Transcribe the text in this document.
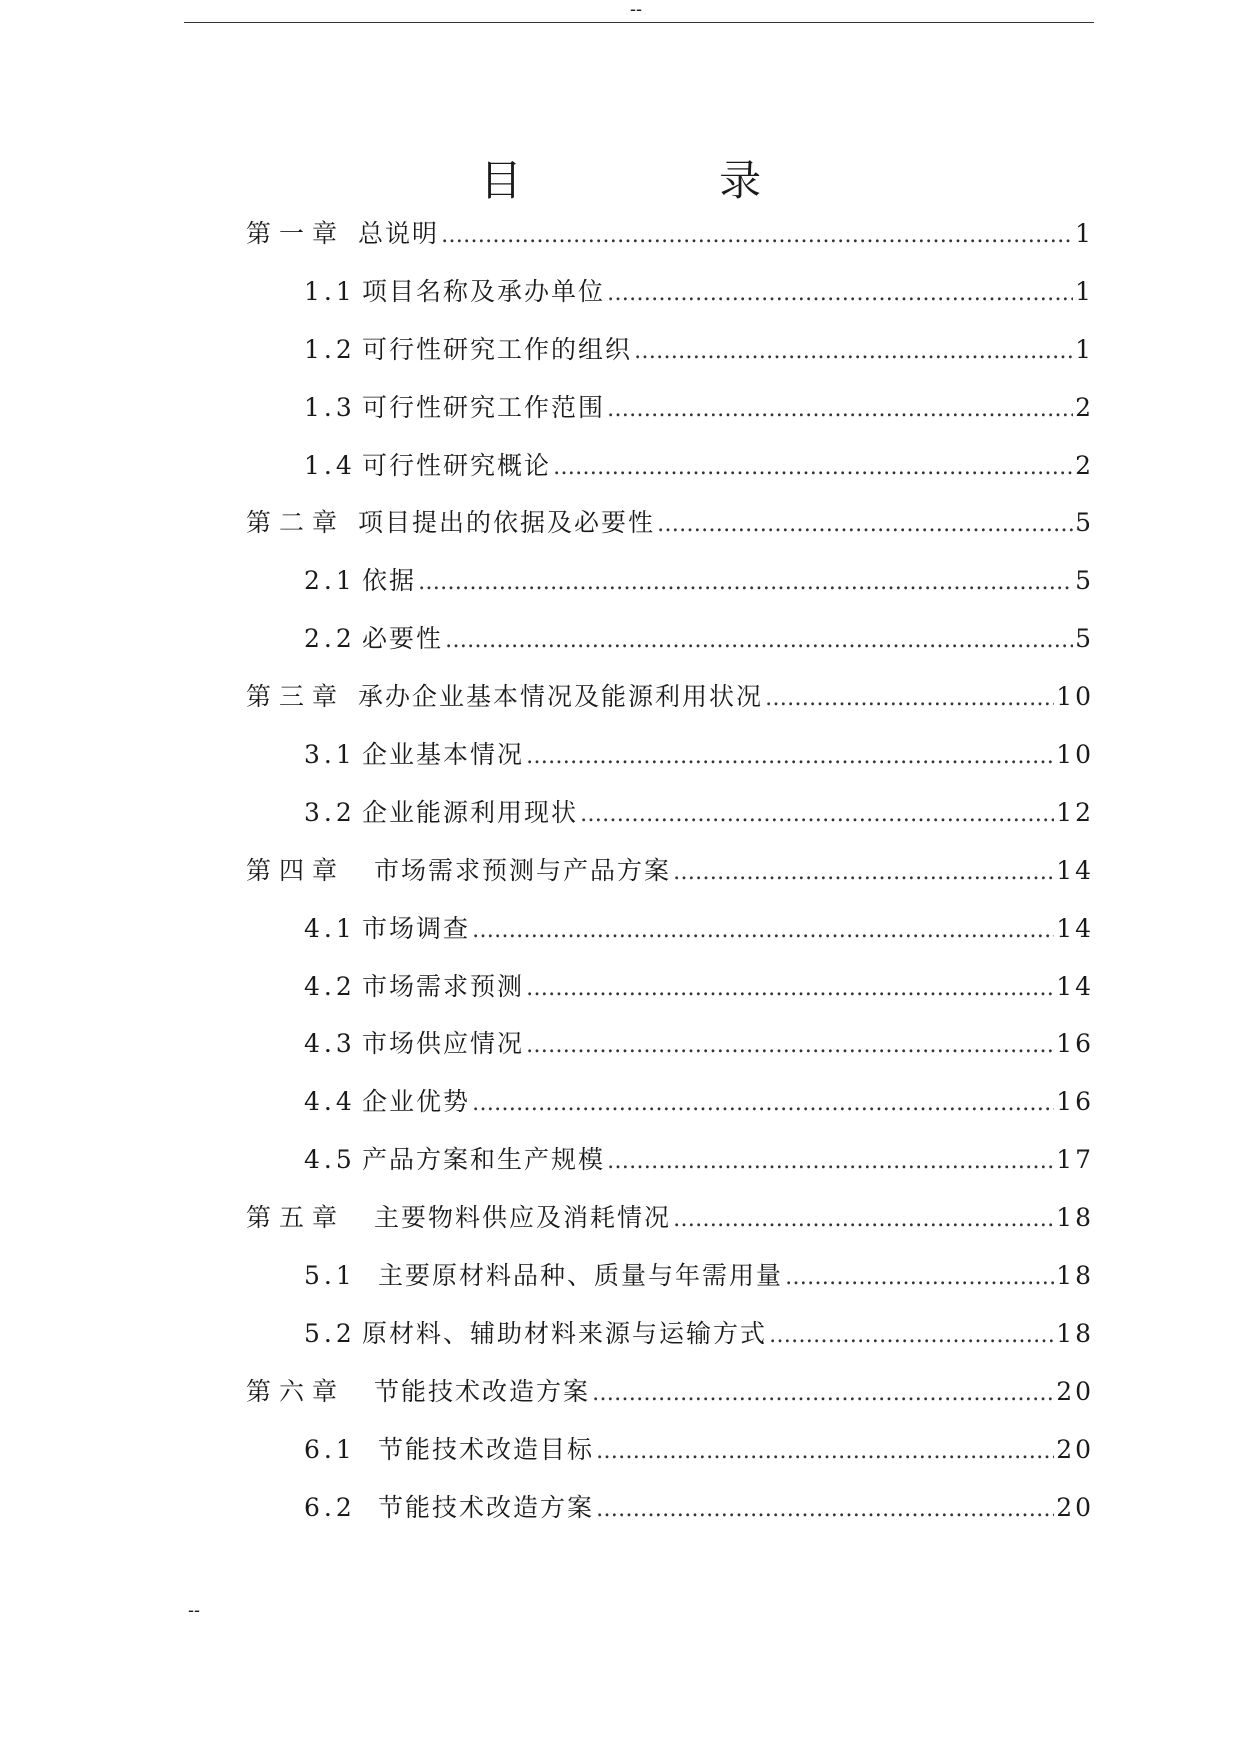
--
目 录
第一章 总说明 …………………………………………………………………………………………………………………………………………	1
1.1 项目名称及承办单位 …………………………………………………………………………………………………………………………………………	1
1.2 可行性研究工作的组织 …………………………………………………………………………………………………………………………………………	1
1.3 可行性研究工作范围 …………………………………………………………………………………………………………………………………………	2
1.4 可行性研究概论 …………………………………………………………………………………………………………………………………………	2
第二章 项目提出的依据及必要性 …………………………………………………………………………………………………………………………………………	5
2.1 依据 …………………………………………………………………………………………………………………………………………	5
2.2 必要性 …………………………………………………………………………………………………………………………………………	5
第三章 承办企业基本情况及能源利用状况 …………………………………………………………………………………………………………………………………………	10
3.1 企业基本情况 …………………………………………………………………………………………………………………………………………	10
3.2 企业能源利用现状 …………………………………………………………………………………………………………………………………………	12
第四章	市场需求预测与产品方案 …………………………………………………………………………………………………………………………………………	14
4.1 市场调查 …………………………………………………………………………………………………………………………………………	14
4.2 市场需求预测 …………………………………………………………………………………………………………………………………………	14
4.3 市场供应情况 …………………………………………………………………………………………………………………………………………	16
4.4 企业优势 …………………………………………………………………………………………………………………………………………	16
4.5 产品方案和生产规模 …………………………………………………………………………………………………………………………………………	17
第五章	主要物料供应及消耗情况 …………………………………………………………………………………………………………………………………………	18
5.1 主要原材料品种、质量与年需用量 …………………………………………………………………………………………………………………………………………	18
5.2 原材料、辅助材料来源与运输方式 …………………………………………………………………………………………………………………………………………	18
第六章	节能技术改造方案 …………………………………………………………………………………………………………………………………………	20
6.1 节能技术改造目标 …………………………………………………………………………………………………………………………………………	20
6.2 节能技术改造方案 …………………………………………………………………………………………………………………………………………	20
--
